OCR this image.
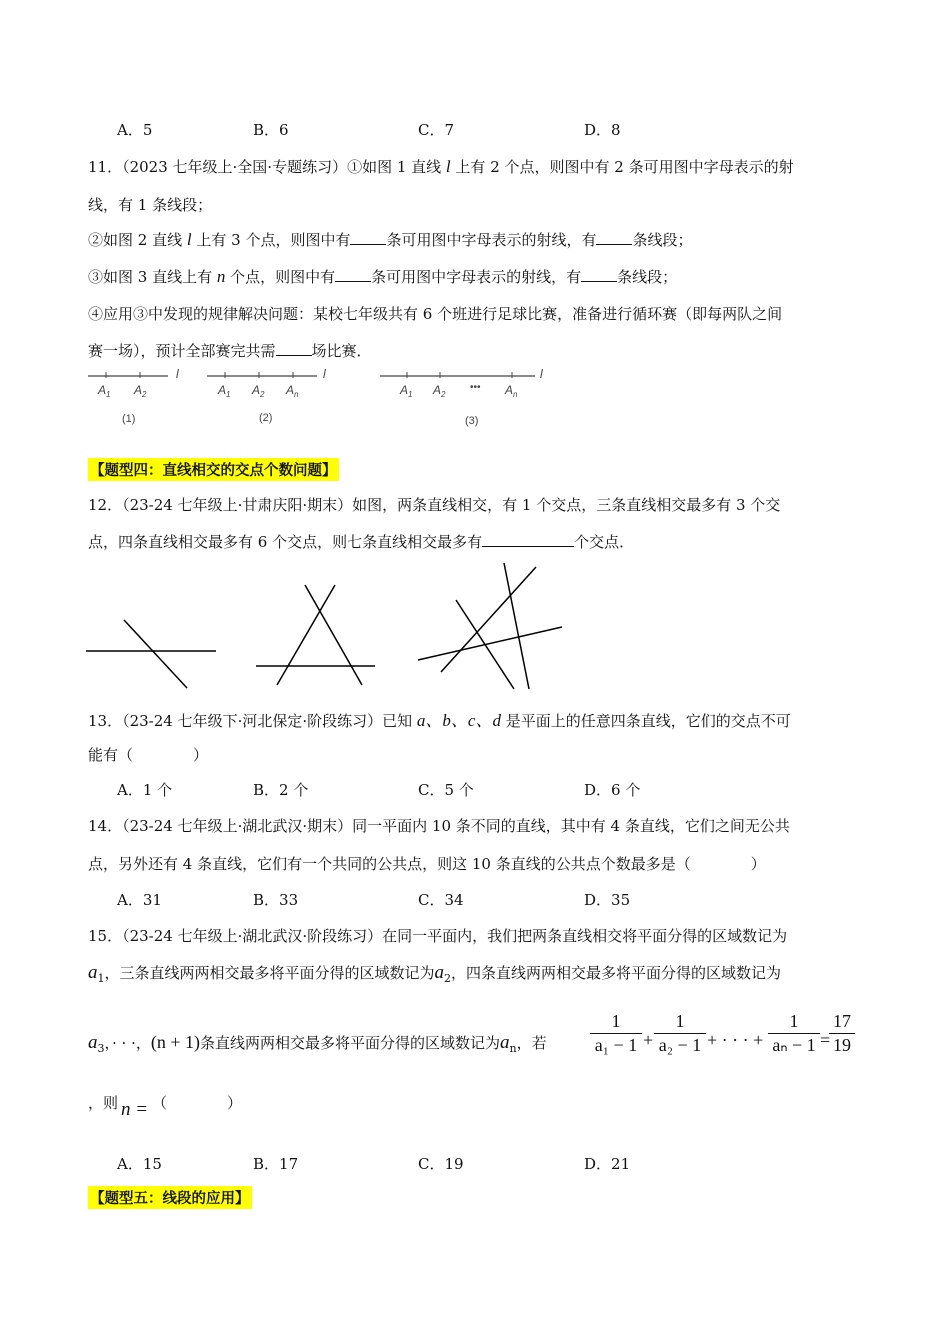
A．5	B．6	C．7	D．8
11．（2023 七年级上·全国·专题练习）①如图 1 直线 l 上有 2 个点，则图中有 2 条可用图中字母表示的射
线，有 1 条线段；
②如图 2 直线 l 上有 3 个点，则图中有 条可用图中字母表示的射线，有 条线段；
③如图 3 直线上有 n 个点，则图中有 条可用图中字母表示的射线，有 条线段；
④应用③中发现的规律解决问题：某校七年级共有 6 个班进行足球比赛，准备进行循环赛（即每两队之间
赛一场），预计全部赛完共需 场比赛．
l
$A_1$ $A_2$
(1)
l
$A_1$ $A_2$ $A_n$
(2)
l
$A_1$ $A_2$
••• $A_n$
(3)
【题型四：直线相交的交点个数问题】
12．（23-24 七年级上·甘肃庆阳·期末）如图，两条直线相交，有 1 个交点，三条直线相交最多有 3 个交
点，四条直线相交最多有 6 个交点，则七条直线相交最多有	个交点．
13．（23-24 七年级下·河北保定·阶段练习）已知 a、b、c、d 是平面上的任意四条直线，它们的交点不可
能有（　　　　）
A．1 个	B．2 个	C．5 个	D．6 个
14．（23-24 七年级上·湖北武汉·期末）同一平面内 10 条不同的直线，其中有 4 条直线，它们之间无公共
点，另外还有 4 条直线，它们有一个共同的公共点，则这 10 条直线的公共点个数最多是（　　　　）
A．31	B．33	C．34	D．35
15．（23-24 七年级上·湖北武汉·阶段练习）在同一平面内，我们把两条直线相交将平面分得的区域数记为
$a_1$，三条直线两两相交最多将平面分得的区域数记为$a_2$，四条直线两两相交最多将平面分得的区域数记为
$a_3$，· · ·，(n + 1)条直线两两相交最多将平面分得的区域数记为$a_n$，若
1
a₁ − 1 +
1
a₂ − 1 + · · · +
1
aₙ − 1 =
17
19
，则 n = （　　　　）
A．15	B．17	C．19	D．21
【题型五：线段的应用】
